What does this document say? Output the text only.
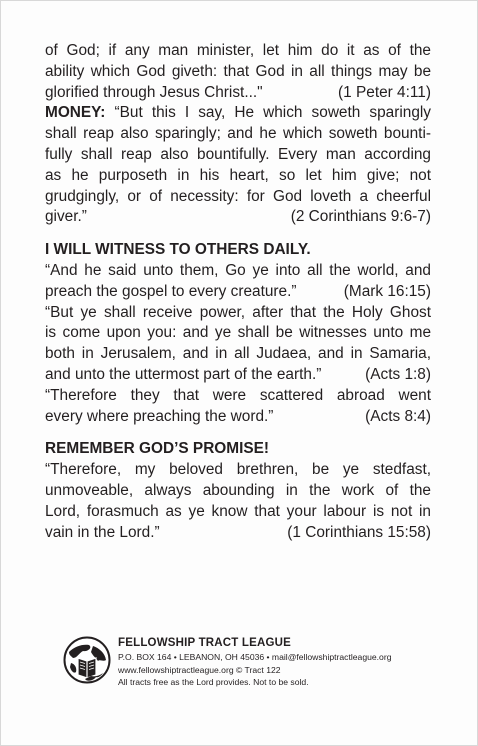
of God; if any man minister, let him do it as of the
ability which God giveth: that God in all things may be
glorified through Jesus Christ..."	(1 Peter 4:11)
MONEY: “But this I say, He which soweth sparingly
shall reap also sparingly; and he which soweth bounti-
fully shall reap also bountifully. Every man according
as he purposeth in his heart, so let him give; not
grudgingly, or of necessity: for God loveth a cheerful
giver.”	(2 Corinthians 9:6-7)
I WILL WITNESS TO OTHERS DAILY.
“And he said unto them, Go ye into all the world, and
preach the gospel to every creature.”	(Mark 16:15)
“But ye shall receive power, after that the Holy Ghost
is come upon you: and ye shall be witnesses unto me
both in Jerusalem, and in all Judaea, and in Samaria,
and unto the uttermost part of the earth.”	(Acts 1:8)
“Therefore they that were scattered abroad went
every where preaching the word.”	(Acts 8:4)
REMEMBER GOD’S PROMISE!
“Therefore, my beloved brethren, be ye stedfast,
unmoveable, always abounding in the work of the
Lord, forasmuch as ye know that your labour is not in
vain in the Lord.”	(1 Corinthians 15:58)
FELLOWSHIP TRACT LEAGUE
P.O. BOX 164 • LEBANON, OH 45036 • mail@fellowshiptractleague.org
www.fellowshiptractleague.org © Tract 122
All tracts free as the Lord provides. Not to be sold.
